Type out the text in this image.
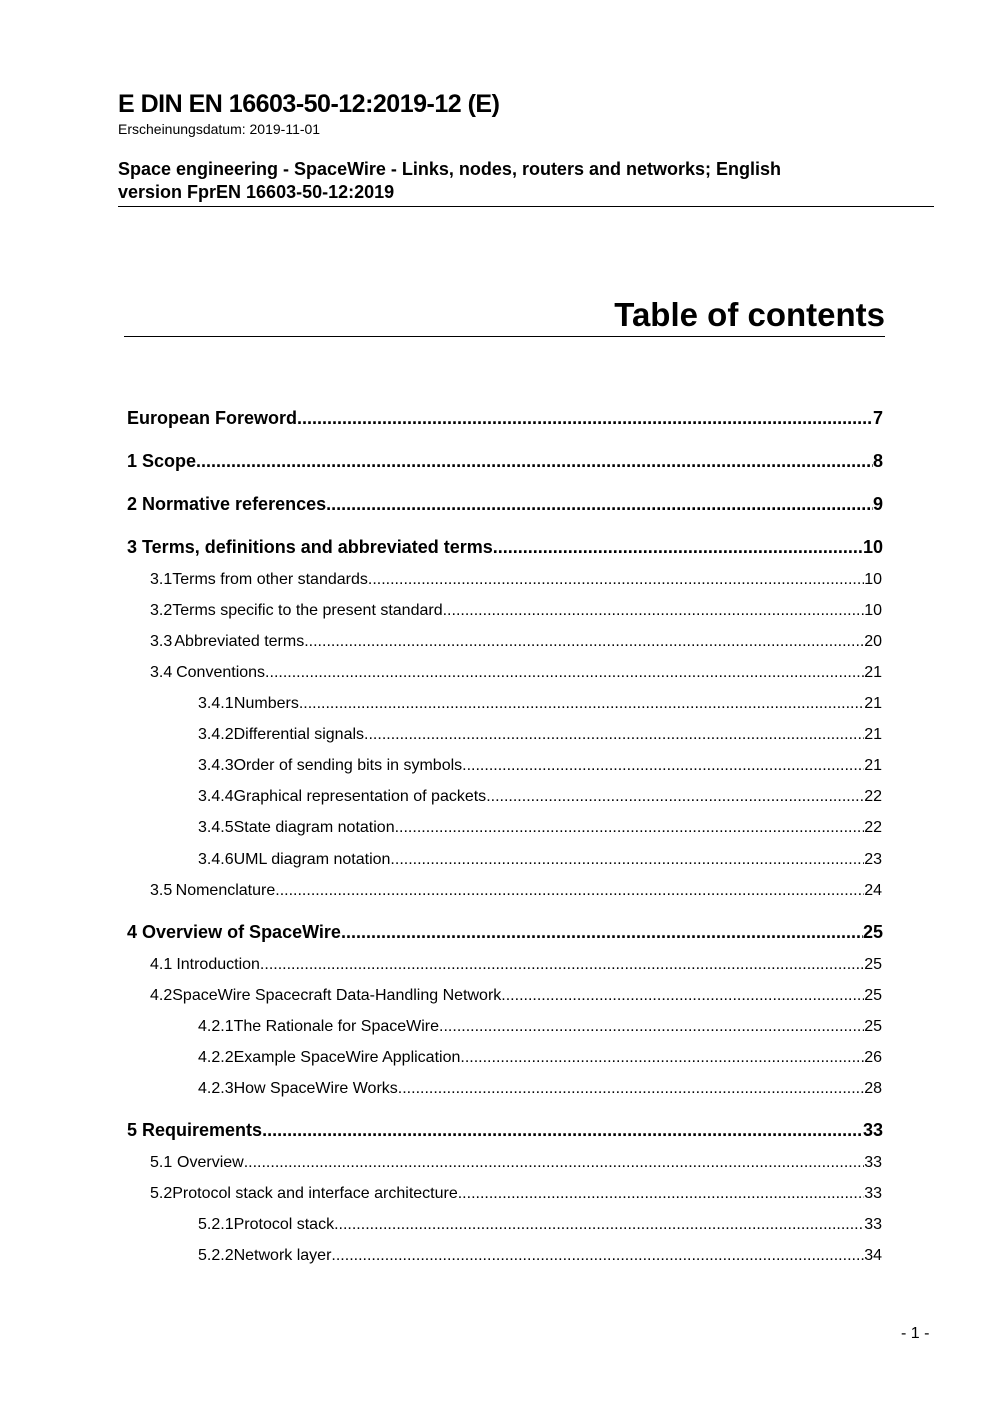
E DIN EN 16603-50-12:2019-12 (E)
Erscheinungsdatum: 2019-11-01
Space engineering - SpaceWire - Links, nodes, routers and networks; English
version FprEN 16603-50-12:2019
Table of contents
European Foreword .....	7
1 Scope .....	8
2 Normative references .....	9
3 Terms, definitions and abbreviated terms .....	10
3.1 Terms from other standards .....	10
3.2 Terms specific to the present standard .....	10
3.3 Abbreviated terms .....	20
3.4 Conventions .....	21
3.4.1 Numbers .....	21
3.4.2 Differential signals .....	21
3.4.3 Order of sending bits in symbols .....	21
3.4.4 Graphical representation of packets .....	22
3.4.5 State diagram notation .....	22
3.4.6 UML diagram notation .....	23
3.5 Nomenclature .....	24
4 Overview of SpaceWire .....	25
4.1 Introduction .....	25
4.2 SpaceWire Spacecraft Data-Handling Network .....	25
4.2.1 The Rationale for SpaceWire .....	25
4.2.2 Example SpaceWire Application .....	26
4.2.3 How SpaceWire Works .....	28
5 Requirements .....	33
5.1 Overview .....	33
5.2 Protocol stack and interface architecture .....	33
5.2.1 Protocol stack .....	33
5.2.2 Network layer .....	34
- 1 -
